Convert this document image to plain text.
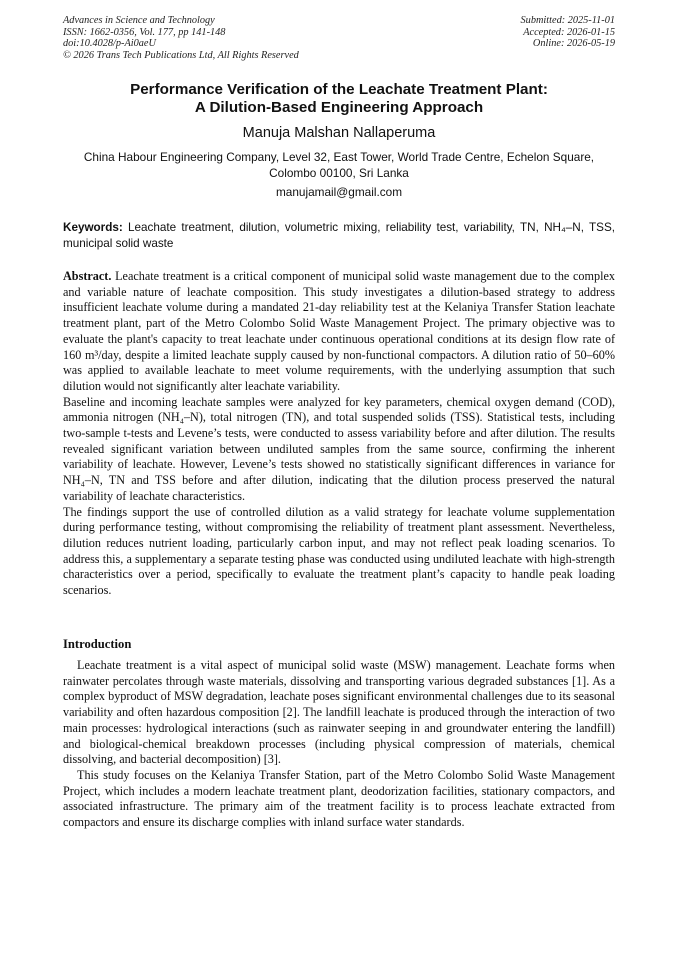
Advances in Science and Technology
ISSN: 1662-0356, Vol. 177, pp 141-148
doi:10.4028/p-Ai0aeU
© 2026 Trans Tech Publications Ltd, All Rights Reserved
Submitted: 2025-11-01
Accepted: 2026-01-15
Online: 2026-05-19
Performance Verification of the Leachate Treatment Plant:
A Dilution-Based Engineering Approach
Manuja Malshan Nallaperuma
China Habour Engineering Company, Level 32, East Tower, World Trade Centre, Echelon Square,
Colombo 00100, Sri Lanka
manujamail@gmail.com
Keywords: Leachate treatment, dilution, volumetric mixing, reliability test, variability, TN, NH₄–N, TSS, municipal solid waste

Abstract. Leachate treatment is a critical component of municipal solid waste management due to the complex and variable nature of leachate composition. This study investigates a dilution-based strategy to address insufficient leachate volume during a mandated 21-day reliability test at the Kelaniya Transfer Station leachate treatment plant, part of the Metro Colombo Solid Waste Management Project. The primary objective was to evaluate the plant's capacity to treat leachate under continuous operational conditions at its design flow rate of 160 m³/day, despite a limited leachate supply caused by non-functional compactors. A dilution ratio of 50–60% was applied to available leachate to meet volume requirements, with the underlying assumption that such dilution would not significantly alter leachate variability.

Baseline and incoming leachate samples were analyzed for key parameters, chemical oxygen demand (COD), ammonia nitrogen (NH₄–N), total nitrogen (TN), and total suspended solids (TSS). Statistical tests, including two-sample t-tests and Levene’s tests, were conducted to assess variability before and after dilution. The results revealed significant variation between undiluted samples from the same source, confirming the inherent variability of leachate. However, Levene’s tests showed no statistically significant differences in variance for NH₄–N, TN and TSS before and after dilution, indicating that the dilution process preserved the natural variability of leachate characteristics.

The findings support the use of controlled dilution as a valid strategy for leachate volume supplementation during performance testing, without compromising the reliability of treatment plant assessment. Nevertheless, dilution reduces nutrient loading, particularly carbon input, and may not reflect peak loading scenarios. To address this, a supplementary a separate testing phase was conducted using undiluted leachate with high-strength characteristics over a period, specifically to evaluate the treatment plant’s capacity to handle peak loading scenarios.

Introduction

Leachate treatment is a vital aspect of municipal solid waste (MSW) management. Leachate forms when rainwater percolates through waste materials, dissolving and transporting various degraded substances [1]. As a complex byproduct of MSW degradation, leachate poses significant environmental challenges due to its seasonal variability and often hazardous composition [2]. The landfill leachate is produced through the interaction of two main processes: hydrological interactions (such as rainwater seeping in and groundwater entering the landfill) and biological-chemical breakdown processes (including physical compression of materials, chemical dissolving, and bacterial decomposition) [3].

This study focuses on the Kelaniya Transfer Station, part of the Metro Colombo Solid Waste Management Project, which includes a modern leachate treatment plant, deodorization facilities, stationary compactors, and associated infrastructure. The primary aim of the treatment facility is to process leachate extracted from compactors and ensure its discharge complies with inland surface water standards.
